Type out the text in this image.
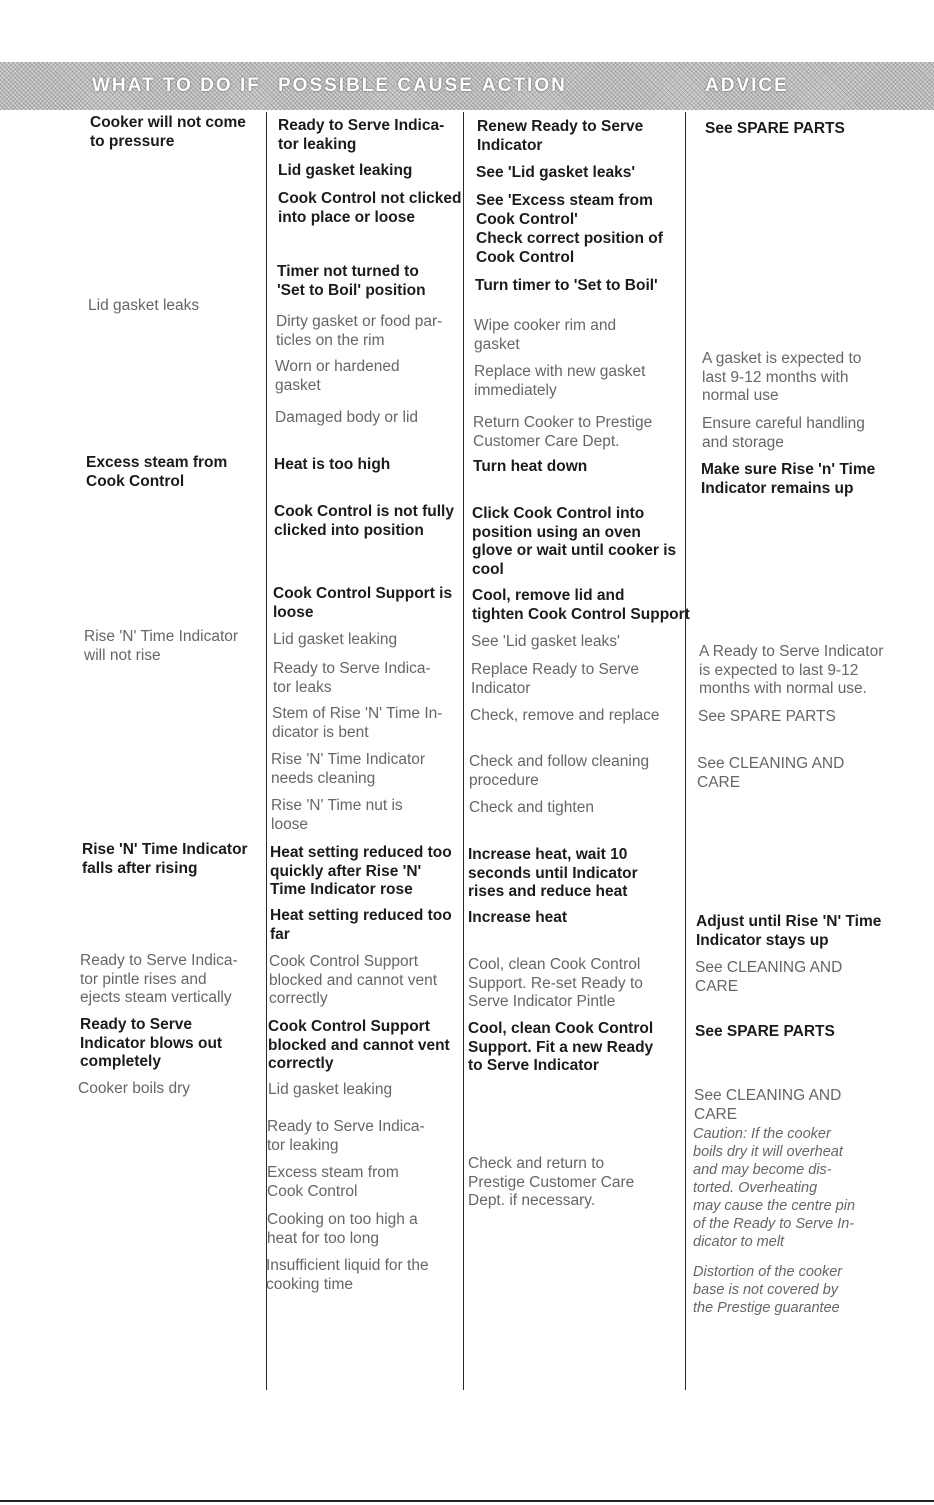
WHAT TO DO IF POSSIBLE CAUSE ACTION	ADVICE
Cooker will not come
to pressure
Lid gasket leaks
Excess steam from
Cook Control
Rise 'N' Time Indicator
will not rise
Rise 'N' Time Indicator
falls after rising
Ready to Serve Indica-
tor pintle rises and
ejects steam vertically
Ready to Serve
Indicator blows out
completely
Cooker boils dry
Ready to Serve Indica-
tor leaking
Lid gasket leaking
Cook Control not clicked
into place or loose
Timer not turned to
'Set to Boil' position
Dirty gasket or food par-
ticles on the rim
Worn or hardened
gasket
Damaged body or lid
Heat is too high
Cook Control is not fully
clicked into position
Cook Control Support is
loose
Lid gasket leaking
Ready to Serve Indica-
tor leaks
Stem of Rise 'N' Time In-
dicator is bent
Rise 'N' Time Indicator
needs cleaning
Rise 'N' Time nut is
loose
Heat setting reduced too
quickly after Rise 'N'
Time Indicator rose
Heat setting reduced too
far
Cook Control Support
blocked and cannot vent
correctly
Cook Control Support
blocked and cannot vent
correctly
Lid gasket leaking
Ready to Serve Indica-
tor leaking
Excess steam from
Cook Control
Cooking on too high a
heat for too long
Insufficient liquid for the
cooking time
Renew Ready to Serve
Indicator
See 'Lid gasket leaks'
See 'Excess steam from
Cook Control'
Check correct position of
Cook Control
Turn timer to 'Set to Boil'
Wipe cooker rim and
gasket
Replace with new gasket
immediately
Return Cooker to Prestige
Customer Care Dept.
Turn heat down
Click Cook Control into
position using an oven
glove or wait until cooker is
cool
Cool, remove lid and
tighten Cook Control Support
See 'Lid gasket leaks'
Replace Ready to Serve
Indicator
Check, remove and replace
Check and follow cleaning
procedure
Check and tighten
Increase heat, wait 10
seconds until Indicator
rises and reduce heat
Increase heat
Cool, clean Cook Control
Support. Re-set Ready to
Serve Indicator Pintle
Cool, clean Cook Control
Support. Fit a new Ready
to Serve Indicator
Check and return to
Prestige Customer Care
Dept. if necessary.
See SPARE PARTS
A gasket is expected to
last 9-12 months with
normal use
Ensure careful handling
and storage
Make sure Rise 'n' Time
Indicator remains up
A Ready to Serve Indicator
is expected to last 9-12
months with normal use.
See SPARE PARTS
See CLEANING AND
CARE
Adjust until Rise 'N' Time
Indicator stays up
See CLEANING AND
CARE
See SPARE PARTS
See CLEANING AND
CARE
Caution: If the cooker
boils dry it will overheat
and may become dis-
torted. Overheating
may cause the centre pin
of the Ready to Serve In-
dicator to melt
Distortion of the cooker
base is not covered by
the Prestige guarantee
